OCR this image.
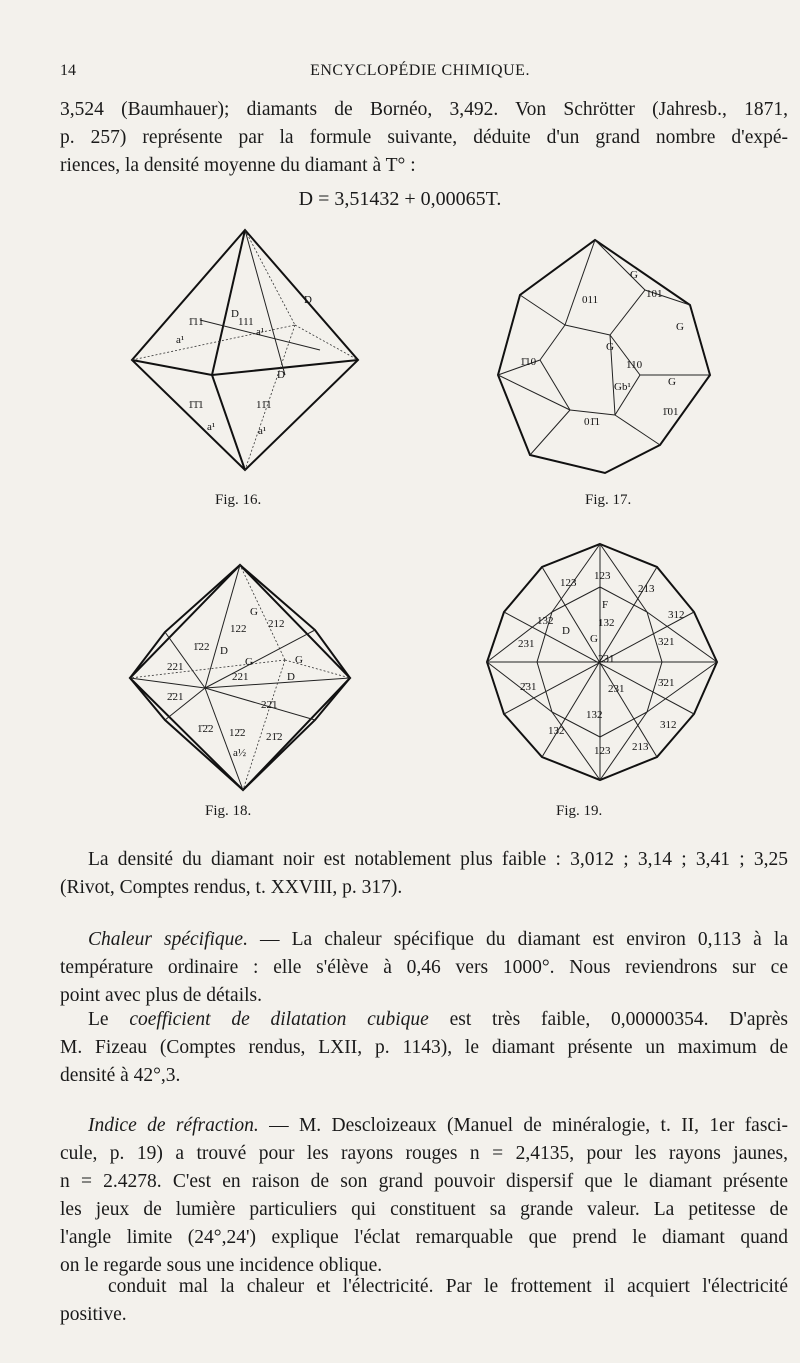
14	ENCYCLOPÉDIE CHIMIQUE.
3,524 (Baumhauer); diamants de Bornéo, 3,492. Von Schrötter (Jahresb., 1871,
p. 257) représente par la formule suivante, déduite d'un grand nombre d'expé-
riences, la densité moyenne du diamant à T° :
D = 3,51432 + 0,00065T.
D
D
1̄11	111
a¹
a¹
D
1̄1̄1	11̄1
a¹	a¹
Fig. 16.
G
011	101
G
1̄10
G
110
G
b¹
G
01̄1
1̄01
Fig. 17.
G
122 212
1̄22 D
221	G	G
221	D
2̄21
22̄1
1̄2̄2 12̄2 21̄2
a½
Fig. 18.
123
123
213
F
132
D
132
G
312
231
231
321
2̄31	231	3̄21
132
312
132
123 213
Fig. 19.
La densité du diamant noir est notablement plus faible : 3,012 ; 3,14 ; 3,41 ; 3,25
(Rivot, Comptes rendus, t. XXVIII, p. 317).
Chaleur spécifique. — La chaleur spécifique du diamant est environ 0,113 à la
température ordinaire : elle s'élève à 0,46 vers 1000°. Nous reviendrons sur ce
point avec plus de détails.
Le coefficient de dilatation cubique est très faible, 0,00000354. D'après
M. Fizeau (Comptes rendus, LXII, p. 1143), le diamant présente un maximum de
densité à 42°,3.
Indice de réfraction. — M. Descloizeaux (Manuel de minéralogie, t. II, 1er fasci-
cule, p. 19) a trouvé pour les rayons rouges n = 2,4135, pour les rayons jaunes,
n = 2.4278. C'est en raison de son grand pouvoir dispersif que le diamant présente
les jeux de lumière particuliers qui constituent sa grande valeur. La petitesse de
l'angle limite (24°,24') explique l'éclat remarquable que prend le diamant quand
on le regarde sous une incidence oblique.
conduit mal la chaleur et l'électricité. Par le frottement il acquiert l'électricité
positive.
